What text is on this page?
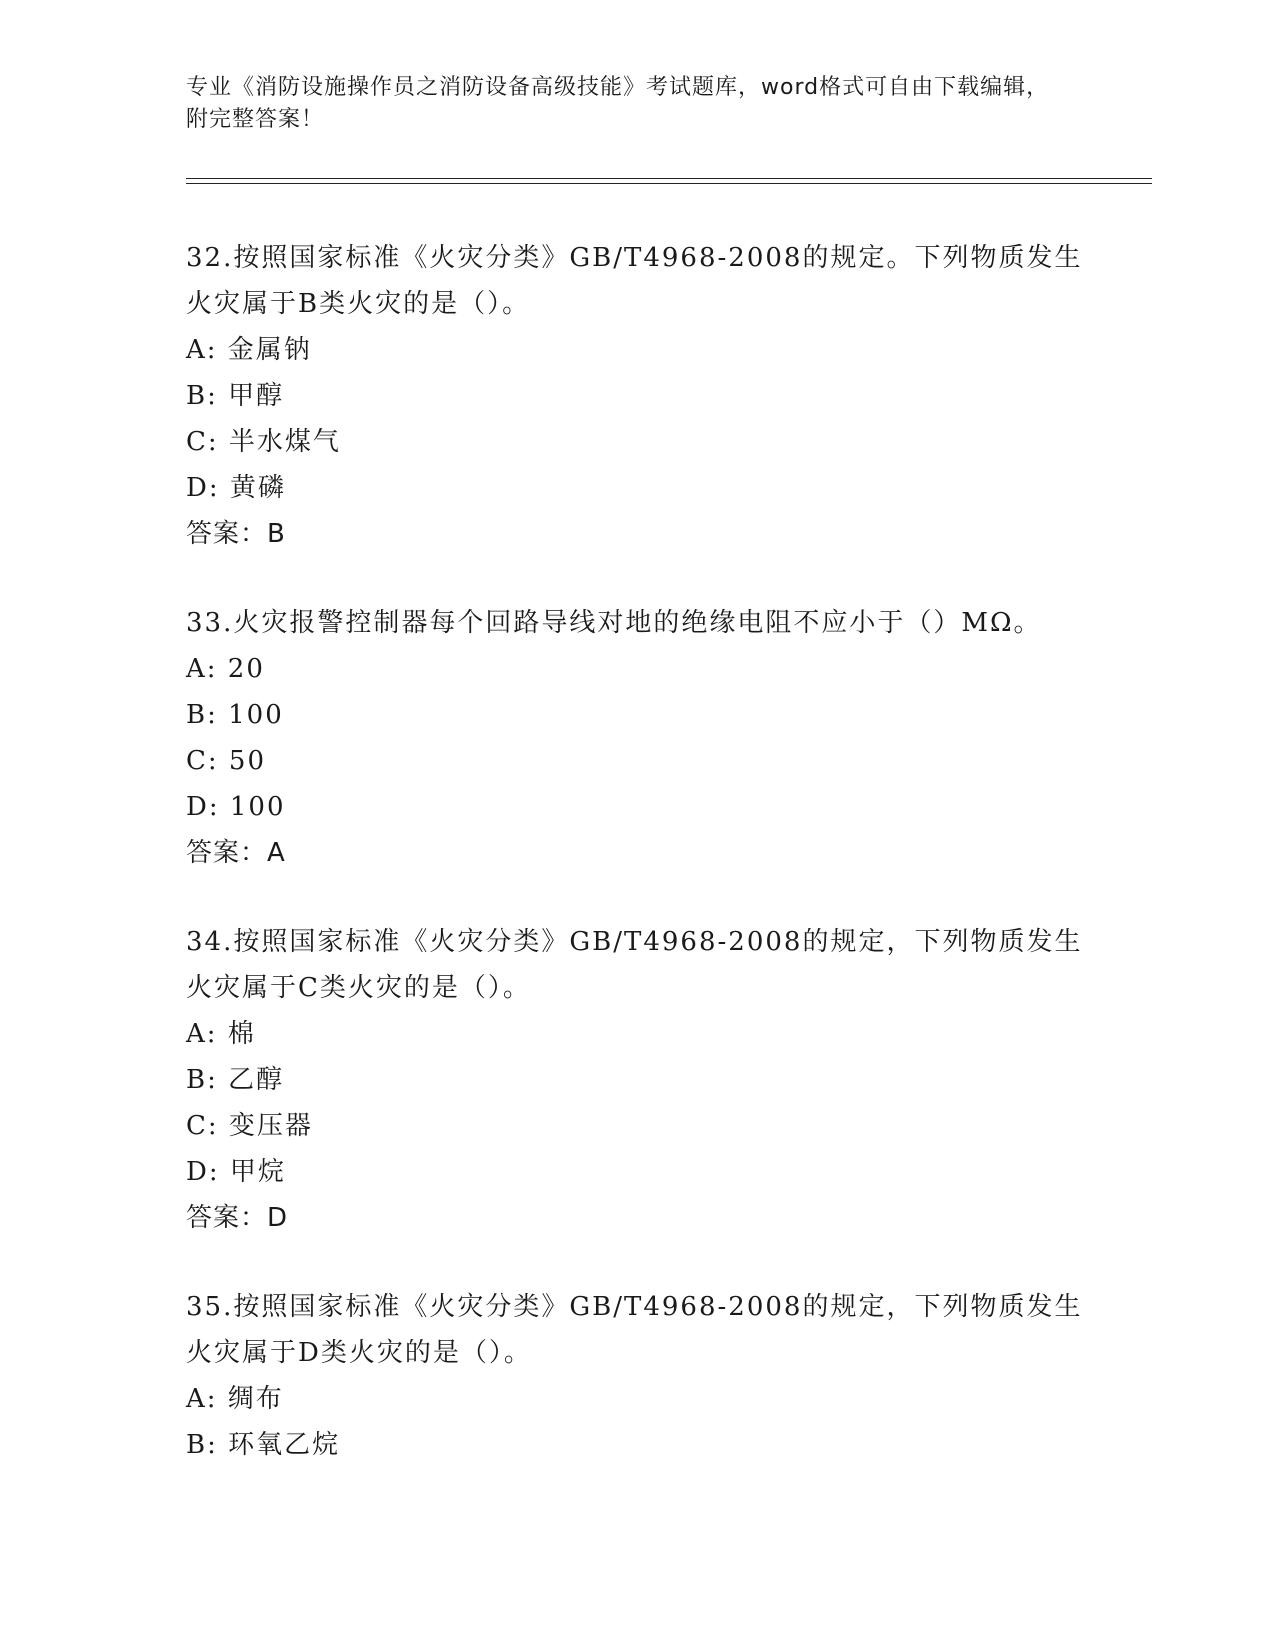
专业《消防设施操作员之消防设备高级技能》考试题库，word格式可自由下载编辑，附完整答案！
32.按照国家标准《火灾分类》GB/T4968-2008的规定。下列物质发生火灾属于B类火灾的是（）。
A: 金属钠
B: 甲醇
C: 半水煤气
D: 黄磷
答案：B
33.火灾报警控制器每个回路导线对地的绝缘电阻不应小于（）MΩ。
A: 20
B: 100
C: 50
D: 100
答案：A
34.按照国家标准《火灾分类》GB/T4968-2008的规定，下列物质发生火灾属于C类火灾的是（）。
A: 棉
B: 乙醇
C: 变压器
D: 甲烷
答案：D
35.按照国家标准《火灾分类》GB/T4968-2008的规定，下列物质发生火灾属于D类火灾的是（）。
A: 绸布
B: 环氧乙烷
